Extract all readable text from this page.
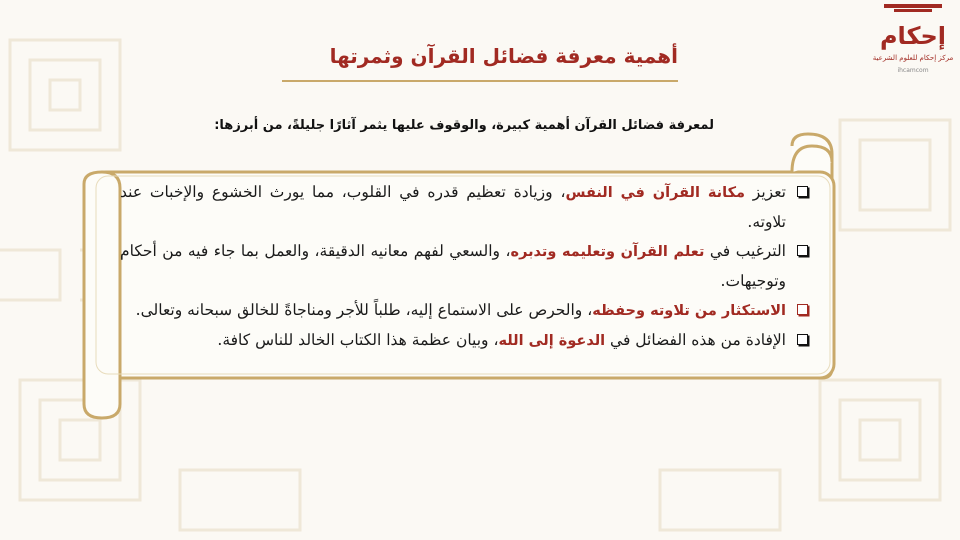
إحكام
مركز إحكام للعلوم الشرعية
ihcamcom
أهمية معرفة فضائل القرآن وثمرتها
لمعرفة فضائل القرآن أهمية كبيرة، والوقوف عليها يثمر آثارًا جليلةً، من أبرزها:
تعزيز مكانة القرآن في النفس، وزيادة تعظيم قدره في القلوب، مما يورث الخشوع والإخبات عند تلاوته.
الترغيب في تعلم القرآن وتعليمه وتدبره، والسعي لفهم معانيه الدقيقة، والعمل بما جاء فيه من أحكام وتوجيهات.
الاستكثار من تلاوته وحفظه، والحرص على الاستماع إليه، طلباً للأجر ومناجاةً للخالق سبحانه وتعالى.
الإفادة من هذه الفضائل في الدعوة إلى الله، وبيان عظمة هذا الكتاب الخالد للناس كافة.
